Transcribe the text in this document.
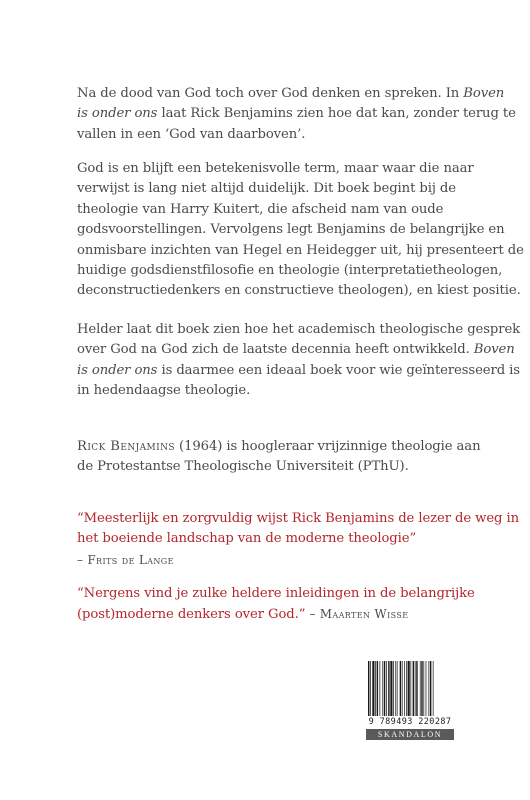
Na de dood van God toch over God denken en spreken. In Boven
is onder ons laat Rick Benjamins zien hoe dat kan, zonder terug te
vallen in een ‘God van daarboven’.
God is en blijft een betekenisvolle term, maar waar die naar
verwijst is lang niet altijd duidelijk. Dit boek begint bij de
theologie van Harry Kuitert, die afscheid nam van oude
godsvoorstellingen. Vervolgens legt Benjamins de belangrijke en
onmisbare inzichten van Hegel en Heidegger uit, hij presenteert de
huidige godsdienstfilosofie en theologie (interpretatietheologen,
deconstructiedenkers en constructieve theologen), en kiest positie.
Helder laat dit boek zien hoe het academisch theologische gesprek
over God na God zich de laatste decennia heeft ontwikkeld. Boven
is onder ons is daarmee een ideaal boek voor wie geïnteresseerd is
in hedendaagse theologie.
Rick Benjamins (1964) is hoogleraar vrijzinnige theologie aan
de Protestantse Theologische Universiteit (PThU).
“Meesterlijk en zorgvuldig wijst Rick Benjamins de lezer de weg in
het boeiende landschap van de moderne theologie”
– Frits de Lange
“Nergens vind je zulke heldere inleidingen in de belangrijke
(post)moderne denkers over God.” – Maarten Wisse
9 789493 220287
SKANDALON
